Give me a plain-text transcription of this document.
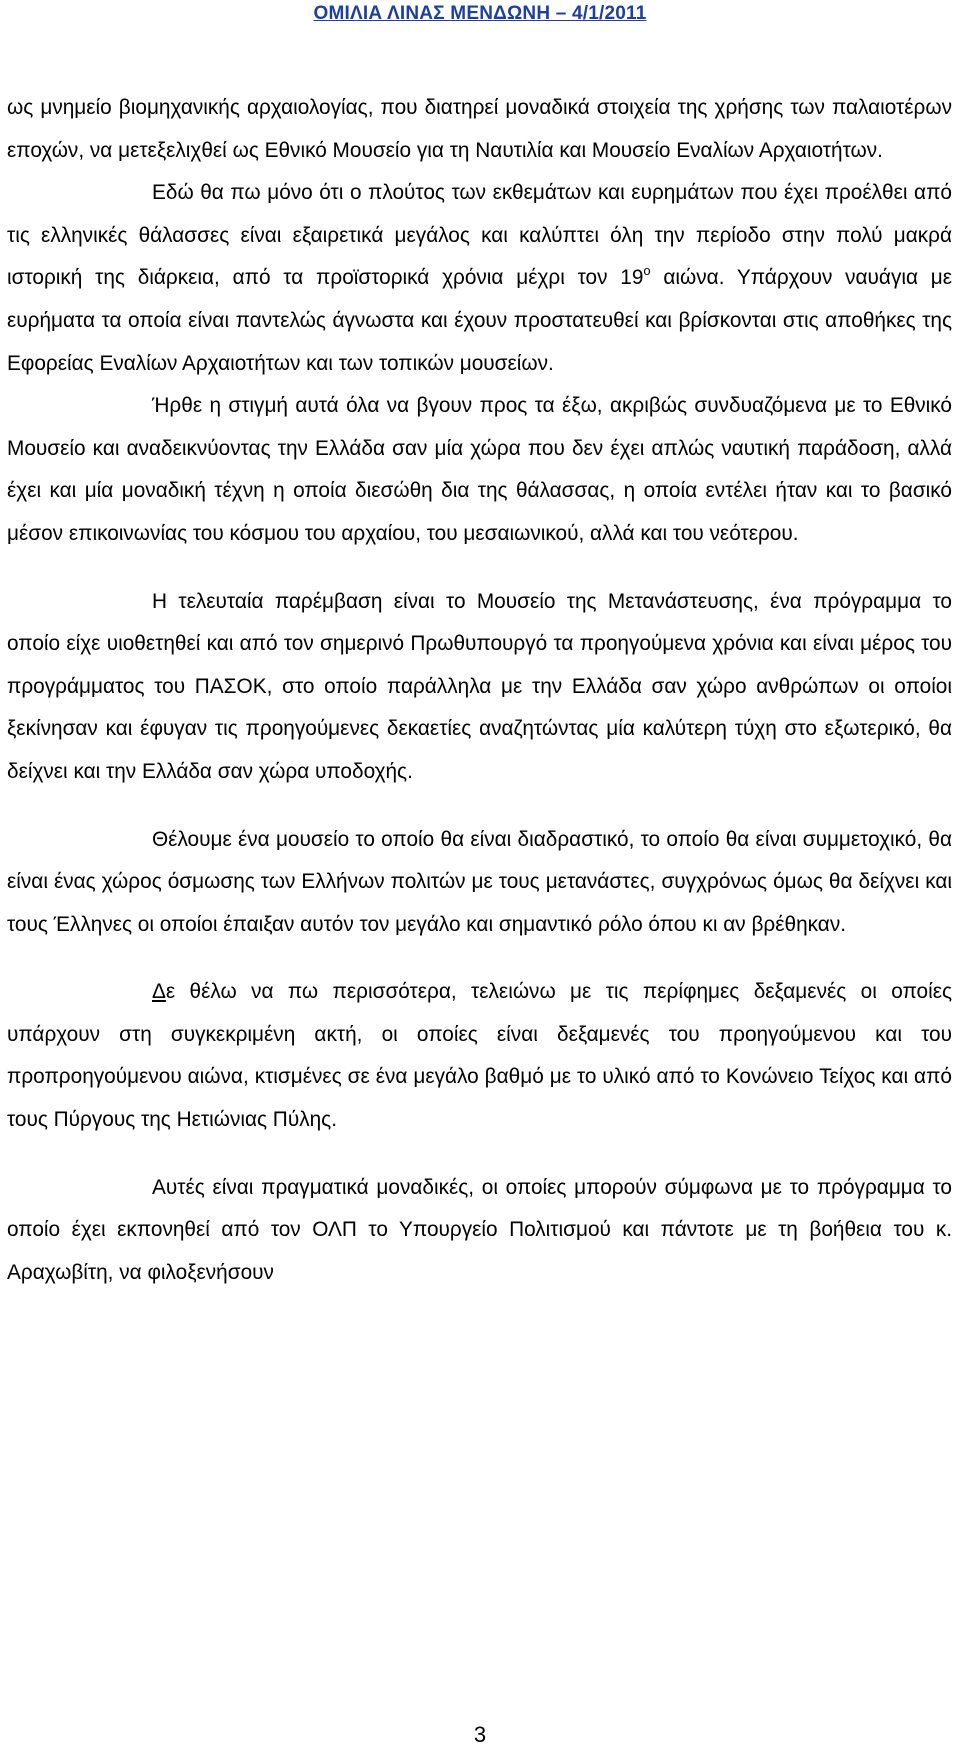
ΟΜΙΛΙΑ ΛΙΝΑΣ ΜΕΝΔΩΝΗ – 4/1/2011

ως μνημείο βιομηχανικής αρχαιολογίας, που διατηρεί μοναδικά στοιχεία της χρήσης των παλαιοτέρων εποχών, να μετεξελιχθεί ως Εθνικό Μουσείο για τη Ναυτιλία και Μουσείο Εναλίων Αρχαιοτήτων.

Εδώ θα πω μόνο ότι ο πλούτος των εκθεμάτων και ευρημάτων που έχει προέλθει από τις ελληνικές θάλασσες είναι εξαιρετικά μεγάλος και καλύπτει όλη την περίοδο στην πολύ μακρά ιστορική της διάρκεια, από τα προϊστορικά χρόνια μέχρι τον $19^o$ αιώνα. Υπάρχουν ναυάγια με ευρήματα τα οποία είναι παντελώς άγνωστα και έχουν προστατευθεί και βρίσκονται στις αποθήκες της Εφορείας Εναλίων Αρχαιοτήτων και των τοπικών μουσείων.

Ήρθε η στιγμή αυτά όλα να βγουν προς τα έξω, ακριβώς συνδυαζόμενα με το Εθνικό Μουσείο και αναδεικνύοντας την Ελλάδα σαν μία χώρα που δεν έχει απλώς ναυτική παράδοση, αλλά έχει και μία μοναδική τέχνη η οποία διεσώθη δια της θάλασσας, η οποία εντέλει ήταν και το βασικό μέσον επικοινωνίας του κόσμου του αρχαίου, του μεσαιωνικού, αλλά και του νεότερου.

Η τελευταία παρέμβαση είναι το Μουσείο της Μετανάστευσης, ένα πρόγραμμα το οποίο είχε υιοθετηθεί και από τον σημερινό Πρωθυπουργό τα προηγούμενα χρόνια και είναι μέρος του προγράμματος του ΠΑΣΟΚ, στο οποίο παράλληλα με την Ελλάδα σαν χώρο ανθρώπων οι οποίοι ξεκίνησαν και έφυγαν τις προηγούμενες δεκαετίες αναζητώντας μία καλύτερη τύχη στο εξωτερικό, θα δείχνει και την Ελλάδα σαν χώρα υποδοχής.

Θέλουμε ένα μουσείο το οποίο θα είναι διαδραστικό, το οποίο θα είναι συμμετοχικό, θα είναι ένας χώρος όσμωσης των Ελλήνων πολιτών με τους μετανάστες, συγχρόνως όμως θα δείχνει και τους Έλληνες οι οποίοι έπαιξαν αυτόν τον μεγάλο και σημαντικό ρόλο όπου κι αν βρέθηκαν.

Δε θέλω να πω περισσότερα, τελειώνω με τις περίφημες δεξαμενές οι οποίες υπάρχουν στη συγκεκριμένη ακτή, οι οποίες είναι δεξαμενές του προηγούμενου και του προπροηγούμενου αιώνα, κτισμένες σε ένα μεγάλο βαθμό με το υλικό από το Κονώνειο Τείχος και από τους Πύργους της Ηετιώνιας Πύλης.

Αυτές είναι πραγματικά μοναδικές, οι οποίες μπορούν σύμφωνα με το πρόγραμμα το οποίο έχει εκπονηθεί από τον ΟΛΠ το Υπουργείο Πολιτισμού και πάντοτε με τη βοήθεια του κ. Αραχωβίτη, να φιλοξενήσουν

3
